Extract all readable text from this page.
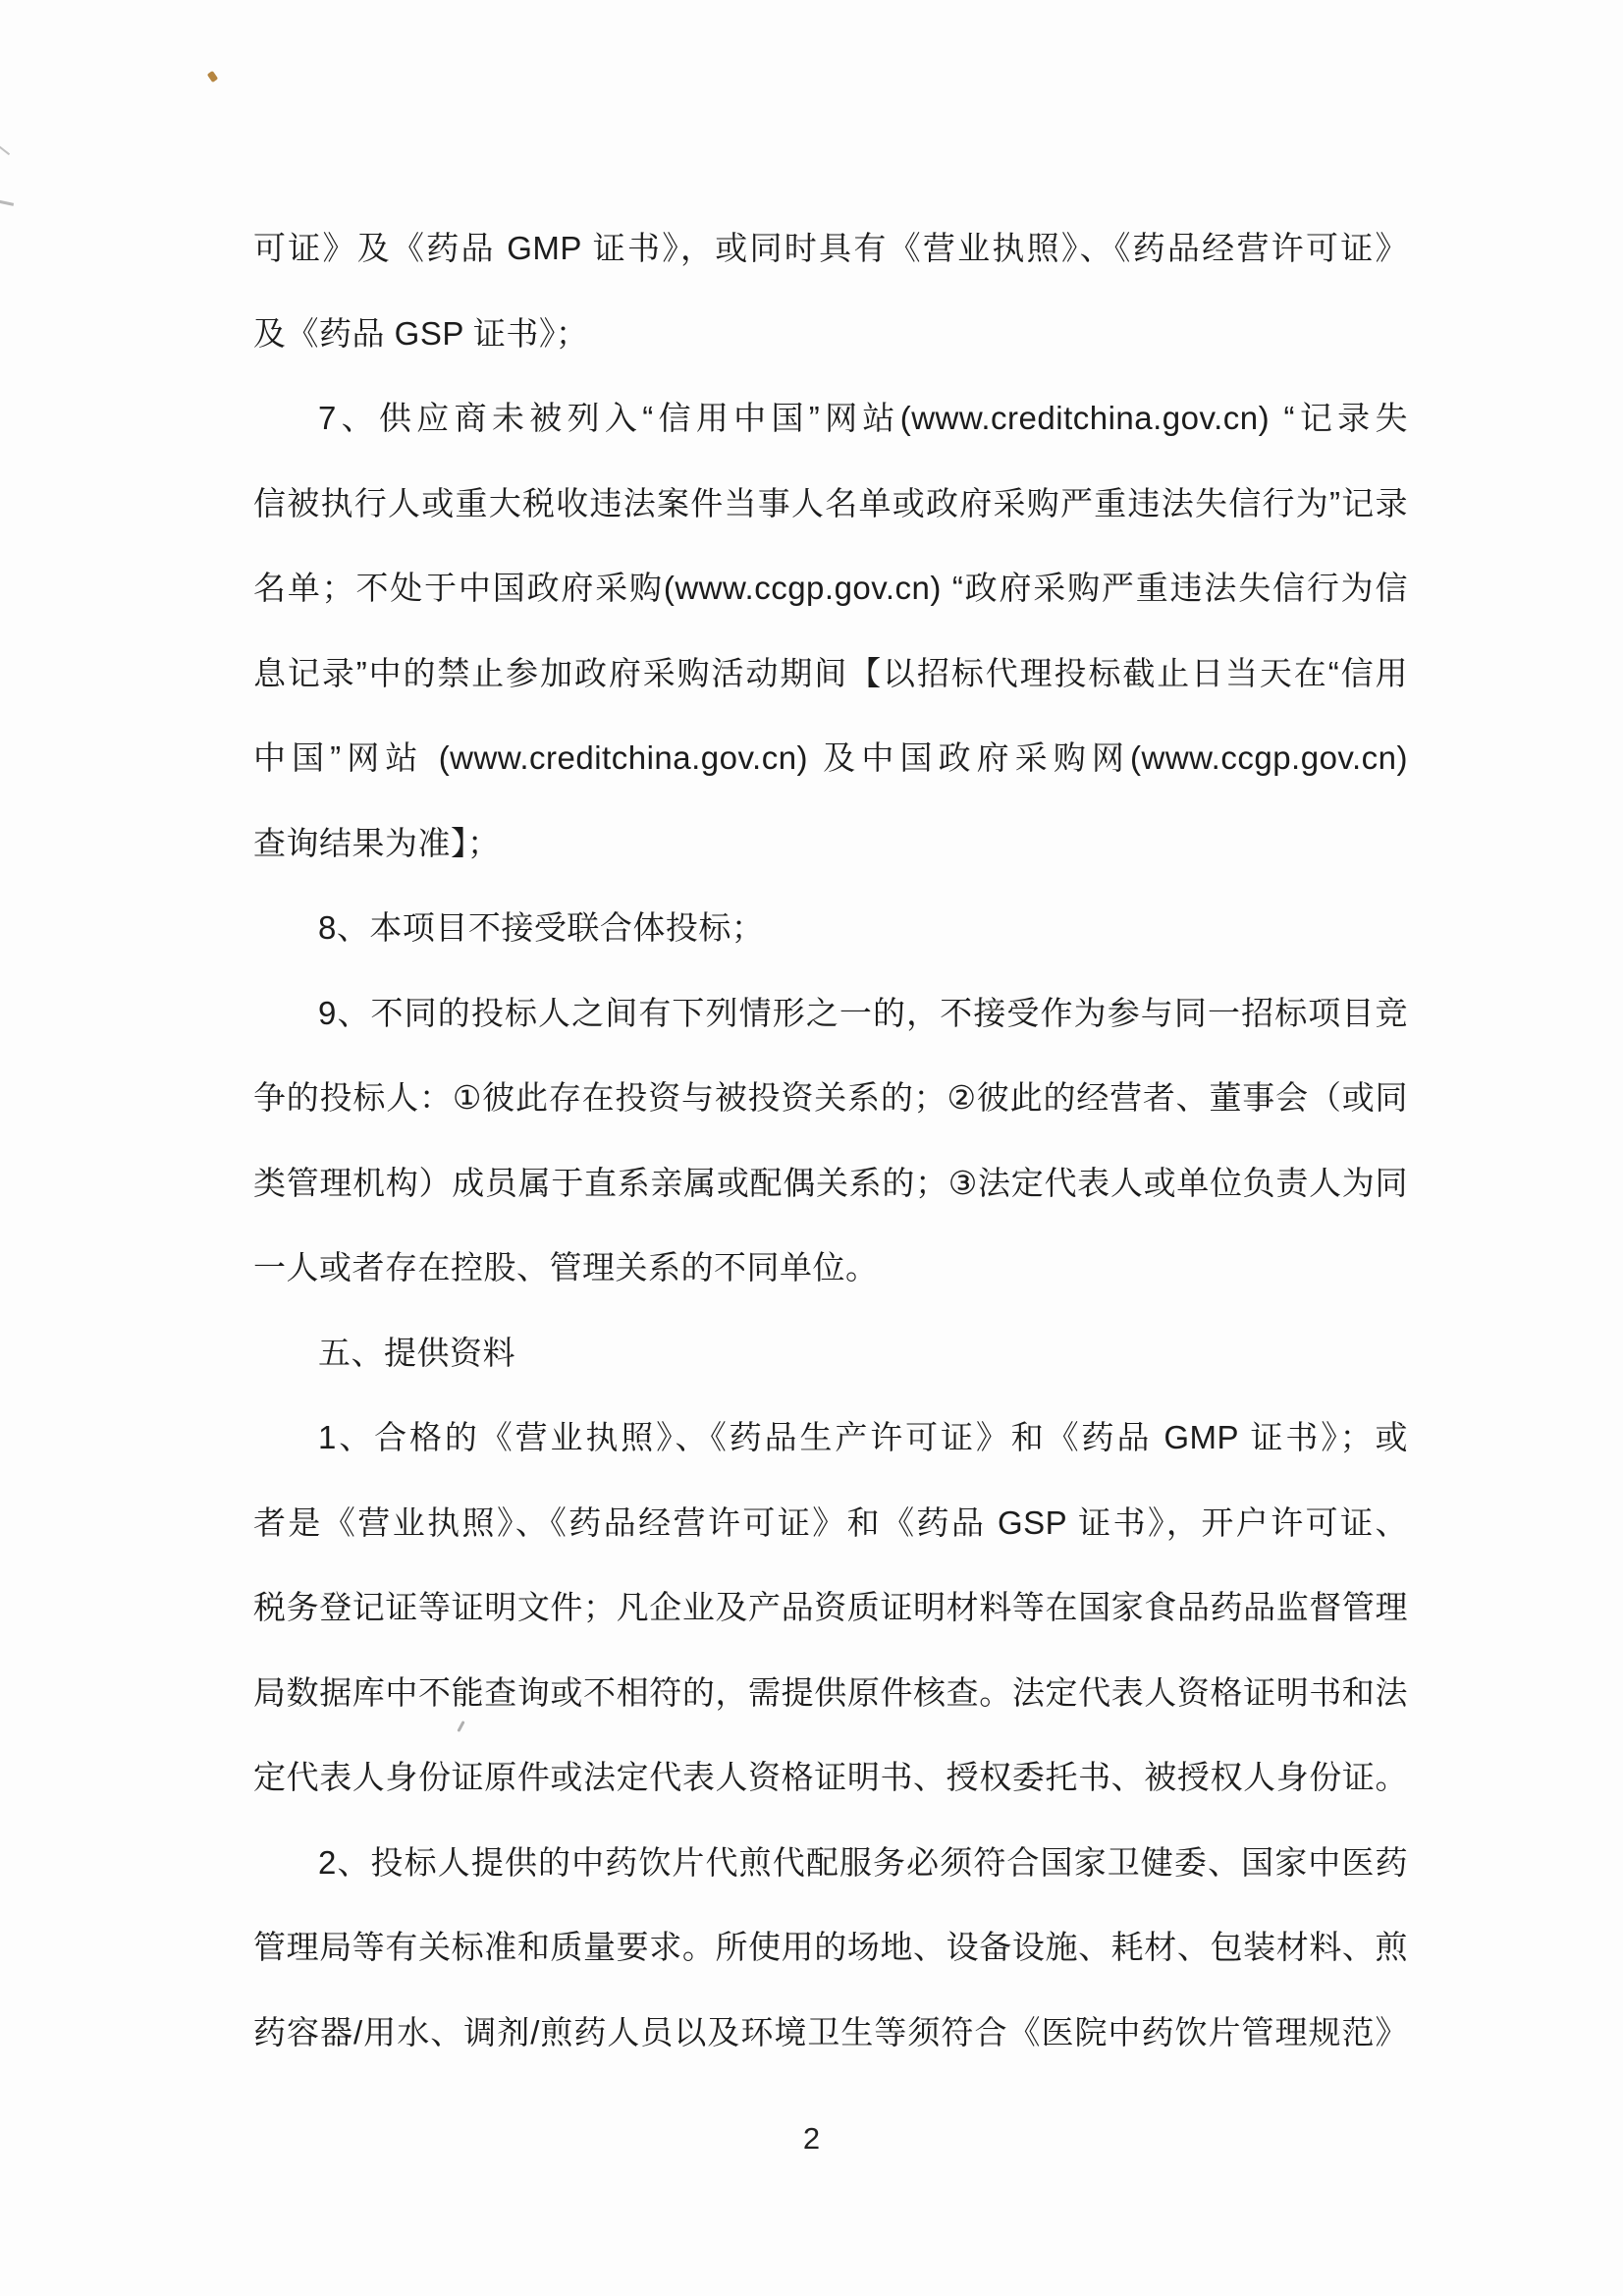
可证》及《药品 GMP 证书》，或同时具有《营业执照》、《药品经营许可证》
及《药品 GSP 证书》；
7、供应商未被列入“信用中国”网站(www.creditchina.gov.cn) “记录失
信被执行人或重大税收违法案件当事人名单或政府采购严重违法失信行为”记录
名单；不处于中国政府采购(www.ccgp.gov.cn) “政府采购严重违法失信行为信
息记录”中的禁止参加政府采购活动期间【以招标代理投标截止日当天在“信用
中国”网站 (www.creditchina.gov.cn) 及中国政府采购网(www.ccgp.gov.cn)
查询结果为准】；
8、本项目不接受联合体投标；
9、不同的投标人之间有下列情形之一的，不接受作为参与同一招标项目竞
争的投标人：①彼此存在投资与被投资关系的；②彼此的经营者、董事会（或同
类管理机构）成员属于直系亲属或配偶关系的；③法定代表人或单位负责人为同
一人或者存在控股、管理关系的不同单位。
五、提供资料
1、合格的《营业执照》、《药品生产许可证》和《药品 GMP 证书》；或
者是《营业执照》、《药品经营许可证》和《药品 GSP 证书》，开户许可证、
税务登记证等证明文件；凡企业及产品资质证明材料等在国家食品药品监督管理
局数据库中不能查询或不相符的，需提供原件核查。法定代表人资格证明书和法
定代表人身份证原件或法定代表人资格证明书、授权委托书、被授权人身份证。
2、投标人提供的中药饮片代煎代配服务必须符合国家卫健委、国家中医药
管理局等有关标准和质量要求。所使用的场地、设备设施、耗材、包装材料、煎
药容器/用水、调剂/煎药人员以及环境卫生等须符合《医院中药饮片管理规范》
2
